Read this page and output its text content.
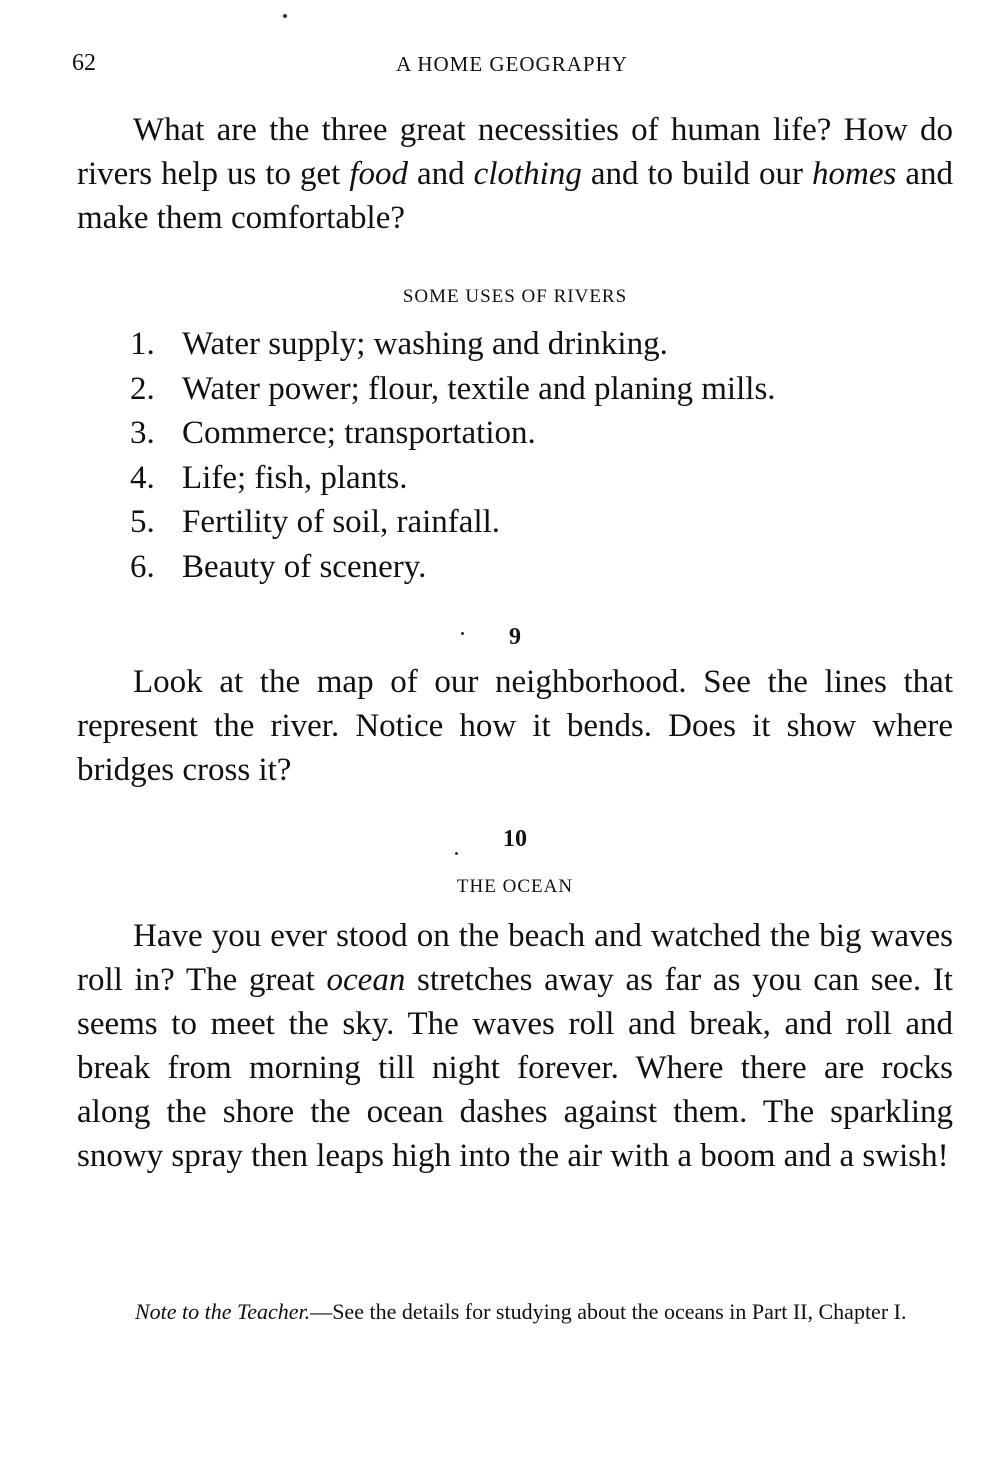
62	A HOME GEOGRAPHY

What are the three great necessities of human life? How do rivers help us to get food and clothing and to build our homes and make them comfortable?

SOME USES OF RIVERS
1. Water supply; washing and drinking.
2. Water power; flour, textile and planing mills.
3. Commerce; transportation.
4. Life; fish, plants.
5. Fertility of soil, rainfall.
6. Beauty of scenery.
9

Look at the map of our neighborhood. See the lines that represent the river. Notice how it bends. Does it show where bridges cross it?

10
THE OCEAN

Have you ever stood on the beach and watched the big waves roll in? The great ocean stretches away as far as you can see. It seems to meet the sky. The waves roll and break, and roll and break from morning till night forever. Where there are rocks along the shore the ocean dashes against them. The sparkling snowy spray then leaps high into the air with a boom and a swish!

Note to the Teacher.—See the details for studying about the oceans in Part II, Chapter I.
